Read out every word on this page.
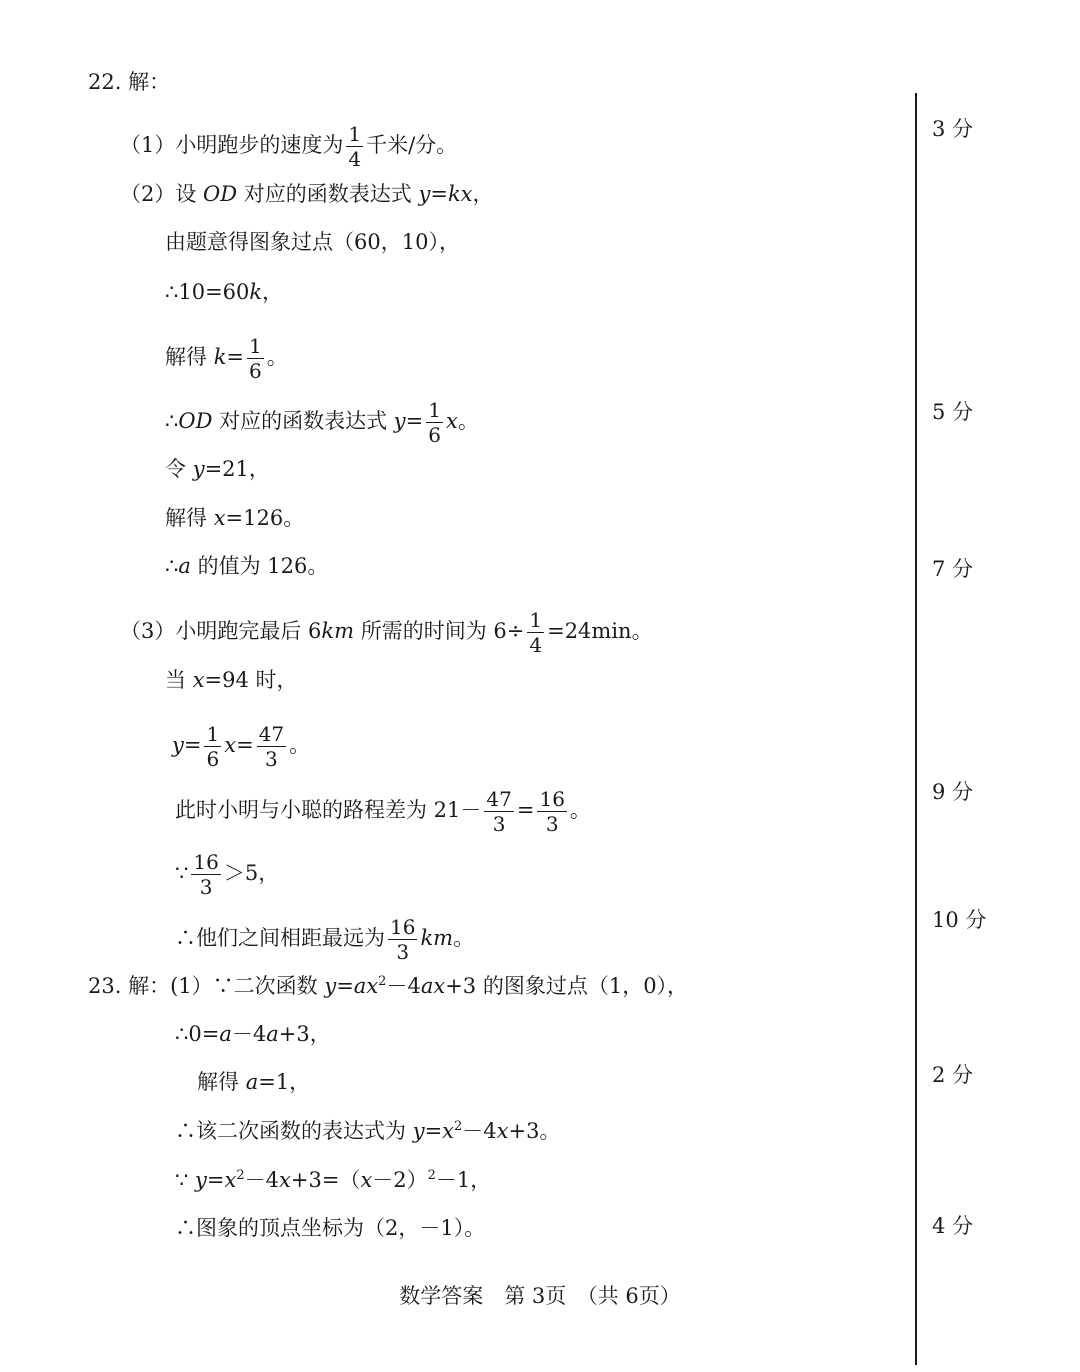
22. 解：
（1）小明跑步的速度为 $\frac{1}{4}$ 千米/分。
（2）设 OD 对应的函数表达式 y=kx，
由题意得图象过点（60，10），
∴10=60k，
解得 $k= \frac{1}{6}$ 。
∴OD 对应的函数表达式 $y= \frac{1}{6}$ x。
令 y=21，
解得 x=126。
∴a 的值为 126。
（3）小明跑完最后 6km 所需的时间为 $6\div \frac{1}{4} =24\min$。
当 x=94 时，
$y= \frac{1}{6} x= \frac{47}{3}$ 。
此时小明与小聪的路程差为 $21- \frac{47}{3} = \frac{16}{3}$ 。
∵ $\frac{16}{3} >5$，
∴他们之间相距最远为 $\frac{16}{3}$ km。
23. 解：(1）∵二次函数 $y=ax^2-4ax+3$ 的图象过点（1，0），
∴0=a－4a+3，
解得 a=1，
∴该二次函数的表达式为 $y=x^2-4x+3$。
∵ $y=x^2-4x+3=(x-2)^2-1$，
∴图象的顶点坐标为（2，－1）。
3 分
5 分
7 分
9 分
10 分
2 分
4 分
数学答案　第 3页　（共 6页）
